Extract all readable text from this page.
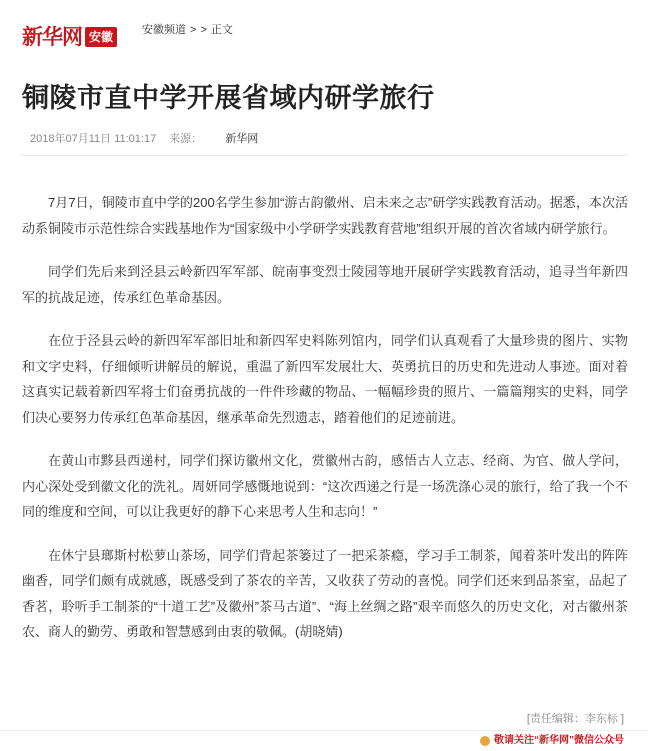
新华网 安徽	安徽频道 > > 正文
铜陵市直中学开展省域内研学旅行
2018年07月11日 11:01:17 来源： 新华网

7月7日，铜陵市直中学的200名学生参加“游古韵徽州、启未来之志”研学实践教育活动。据悉，本次活动系铜陵市示范性综合实践基地作为“国家级中小学研学实践教育营地”组织开展的首次省域内研学旅行。

同学们先后来到泾县云岭新四军军部、皖南事变烈士陵园等地开展研学实践教育活动，追寻当年新四军的抗战足迹，传承红色革命基因。

在位于泾县云岭的新四军军部旧址和新四军史料陈列馆内，同学们认真观看了大量珍贵的图片、实物和文字史料，仔细倾听讲解员的解说，重温了新四军发展壮大、英勇抗日的历史和先进动人事迹。面对着这真实记载着新四军将士们奋勇抗战的一件件珍藏的物品、一幅幅珍贵的照片、一篇篇翔实的史料，同学们决心要努力传承红色革命基因，继承革命先烈遗志，踏着他们的足迹前进。

在黄山市黟县西递村，同学们探访徽州文化，赏徽州古韵，感悟古人立志、经商、为官、做人学问，内心深处受到徽文化的洗礼。周妍同学感慨地说到：“这次西递之行是一场洗涤心灵的旅行，给了我一个不同的维度和空间，可以让我更好的静下心来思考人生和志向！”

在休宁县瑯斯村松萝山茶场，同学们背起茶篓过了一把采茶瘾，学习手工制茶，闻着茶叶发出的阵阵幽香，同学们颇有成就感，既感受到了茶农的辛苦，又收获了劳动的喜悦。同学们还来到品茶室，品起了香茗，聆听手工制茶的“十道工艺”及徽州”茶马古道”、“海上丝绸之路”艰辛而悠久的历史文化，对古徽州茶农、商人的勤劳、勇敢和智慧感到由衷的敬佩。(胡晓婧)

[责任编辑：李东标 ]
敬请关注“新华网”微信公众号
